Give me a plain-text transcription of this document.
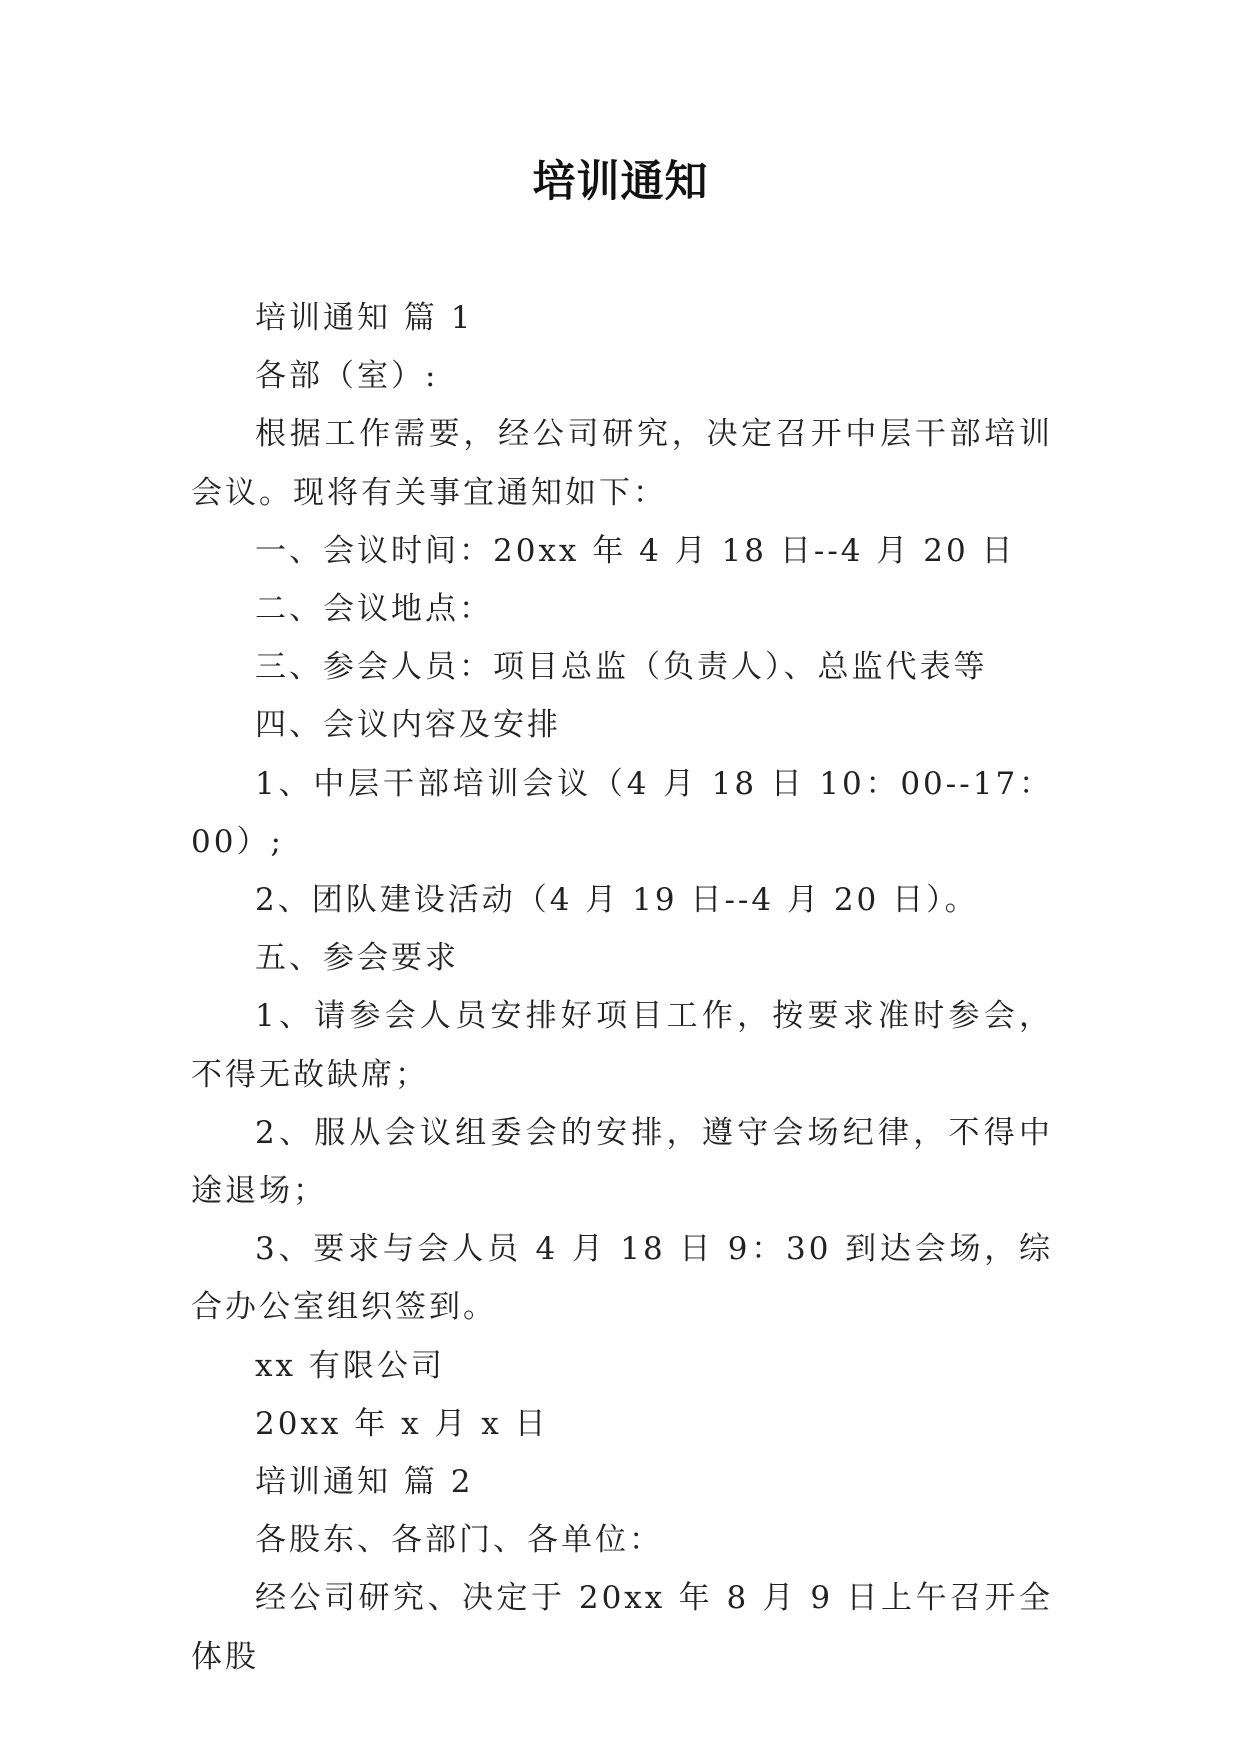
培训通知

培训通知 篇 1

各部（室）:

根据工作需要，经公司研究，决定召开中层干部培训会议。现将有关事宜通知如下：

一、会议时间：20xx 年 4 月 18 日--4 月 20 日

二、会议地点：

三、参会人员：项目总监（负责人）、总监代表等

四、会议内容及安排

1、中层干部培训会议（4 月 18 日 10：00--17：00）;

2、团队建设活动（4 月 19 日--4 月 20 日）。

五、参会要求

1、请参会人员安排好项目工作，按要求准时参会，不得无故缺席；

2、服从会议组委会的安排，遵守会场纪律，不得中途退场；

3、要求与会人员 4 月 18 日 9：30 到达会场，综合办公室组织签到。

xx 有限公司

20xx 年 x 月 x 日

培训通知 篇 2

各股东、各部门、各单位：

经公司研究、决定于 20xx 年 8 月 9 日上午召开全体股
